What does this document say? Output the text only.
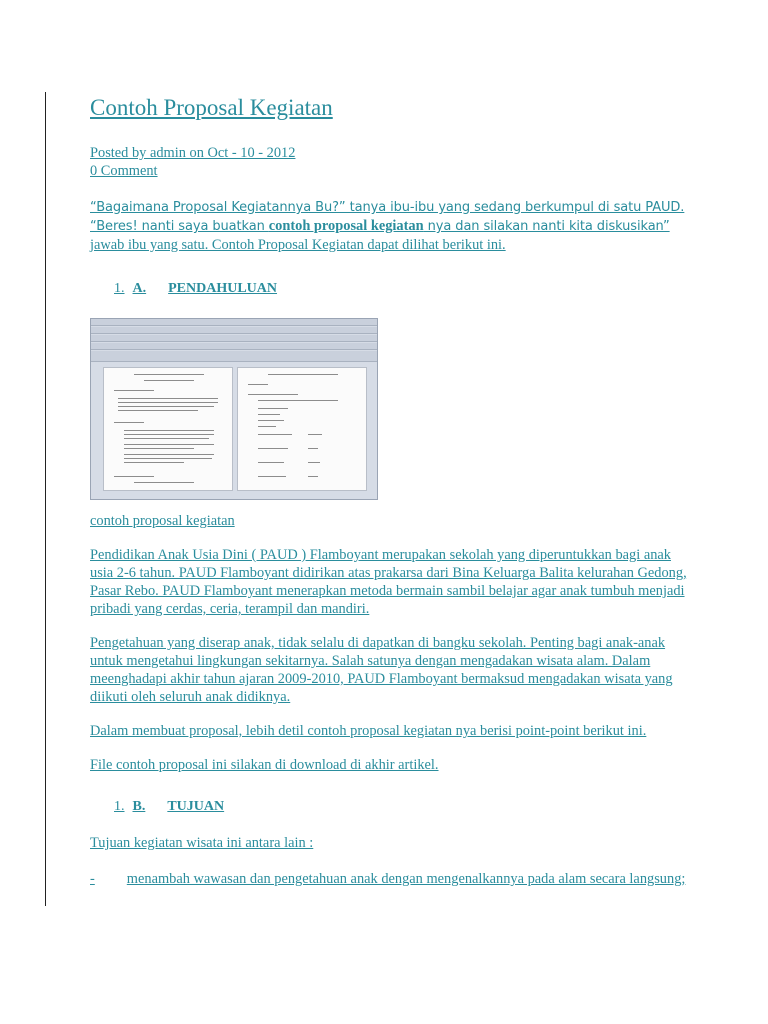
Contoh Proposal Kegiatan

Posted by admin on Oct - 10 - 2012

0 Comment

“Bagaimana Proposal Kegiatannya Bu?” tanya ibu-ibu yang sedang berkumpul di satu PAUD.
“Beres! nanti saya buatkan contoh proposal kegiatan nya dan silakan nanti kita diskusikan”
jawab ibu yang satu. Contoh Proposal Kegiatan dapat dilihat berikut ini.

1. A. PENDAHULUAN

contoh proposal kegiatan

Pendidikan Anak Usia Dini ( PAUD ) Flamboyant merupakan sekolah yang diperuntukkan bagi anak usia 2-6 tahun. PAUD Flamboyant didirikan atas prakarsa dari Bina Keluarga Balita kelurahan Gedong, Pasar Rebo. PAUD Flamboyant menerapkan metoda bermain sambil belajar agar anak tumbuh menjadi pribadi yang cerdas, ceria, terampil dan mandiri.

Pengetahuan yang diserap anak, tidak selalu di dapatkan di bangku sekolah. Penting bagi anak-anak untuk mengetahui lingkungan sekitarnya. Salah satunya dengan mengadakan wisata alam. Dalam meenghadapi akhir tahun ajaran 2009-2010, PAUD Flamboyant bermaksud mengadakan wisata yang diikuti oleh seluruh anak didiknya.

Dalam membuat proposal, lebih detil contoh proposal kegiatan nya berisi point-point berikut ini.

File contoh proposal ini silakan di download di akhir artikel.

1. B. TUJUAN

Tujuan kegiatan wisata ini antara lain :

- menambah wawasan dan pengetahuan anak dengan mengenalkannya pada alam secara langsung;
